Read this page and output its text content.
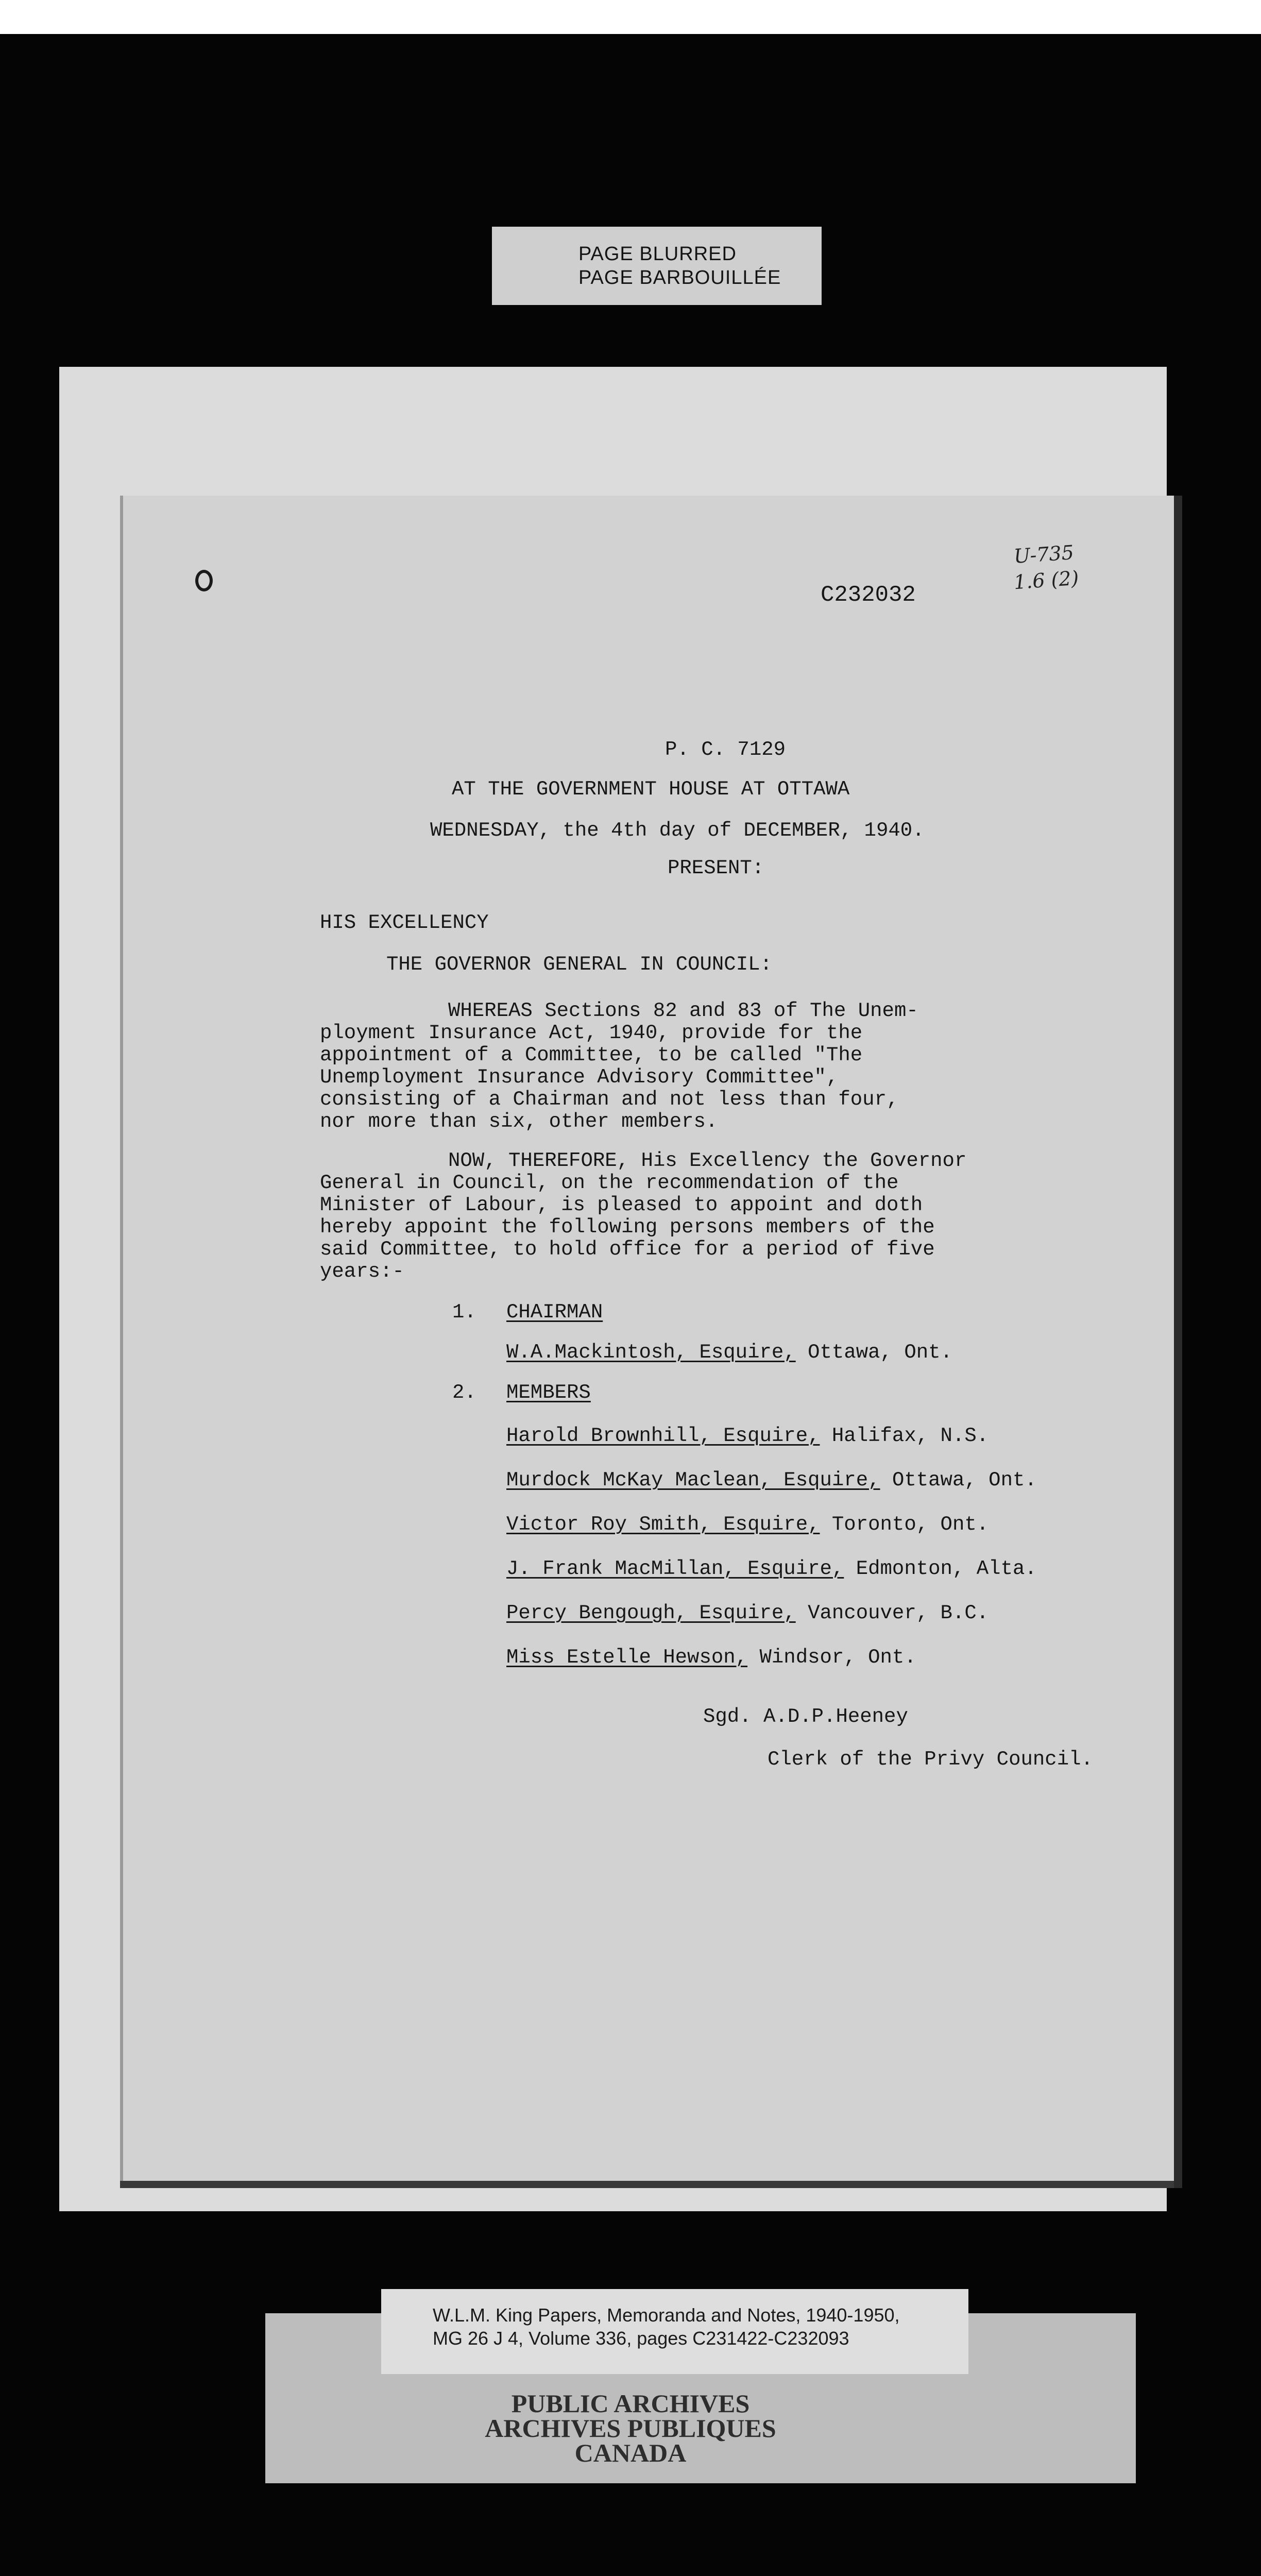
PAGE BLURRED
PAGE BARBOUILLÉE
C232032
U-735
1.6 (2)
P. C. 7129
AT THE GOVERNMENT HOUSE AT OTTAWA
WEDNESDAY, the 4th day of DECEMBER, 1940.
PRESENT:
HIS EXCELLENCY
THE GOVERNOR GENERAL IN COUNCIL:
WHEREAS Sections 82 and 83 of The Unem-
ployment Insurance Act, 1940, provide for the
appointment of a Committee, to be called "The
Unemployment Insurance Advisory Committee",
consisting of a Chairman and not less than four,
nor more than six, other members.
NOW, THEREFORE, His Excellency the Governor
General in Council, on the recommendation of the
Minister of Labour, is pleased to appoint and doth
hereby appoint the following persons members of the
said Committee, to hold office for a period of five
years:-
1. CHAIRMAN
W.A.Mackintosh, Esquire, Ottawa, Ont.
2. MEMBERS
Harold Brownhill, Esquire, Halifax, N.S.
Murdock McKay Maclean, Esquire, Ottawa, Ont.
Victor Roy Smith, Esquire, Toronto, Ont.
J. Frank MacMillan, Esquire, Edmonton, Alta.
Percy Bengough, Esquire, Vancouver, B.C.
Miss Estelle Hewson, Windsor, Ont.
Sgd. A.D.P.Heeney
Clerk of the Privy Council.
W.L.M. King Papers, Memoranda and Notes, 1940-1950,
MG 26 J 4, Volume 336, pages C231422-C232093
PUBLIC ARCHIVES
ARCHIVES PUBLIQUES
CANADA
